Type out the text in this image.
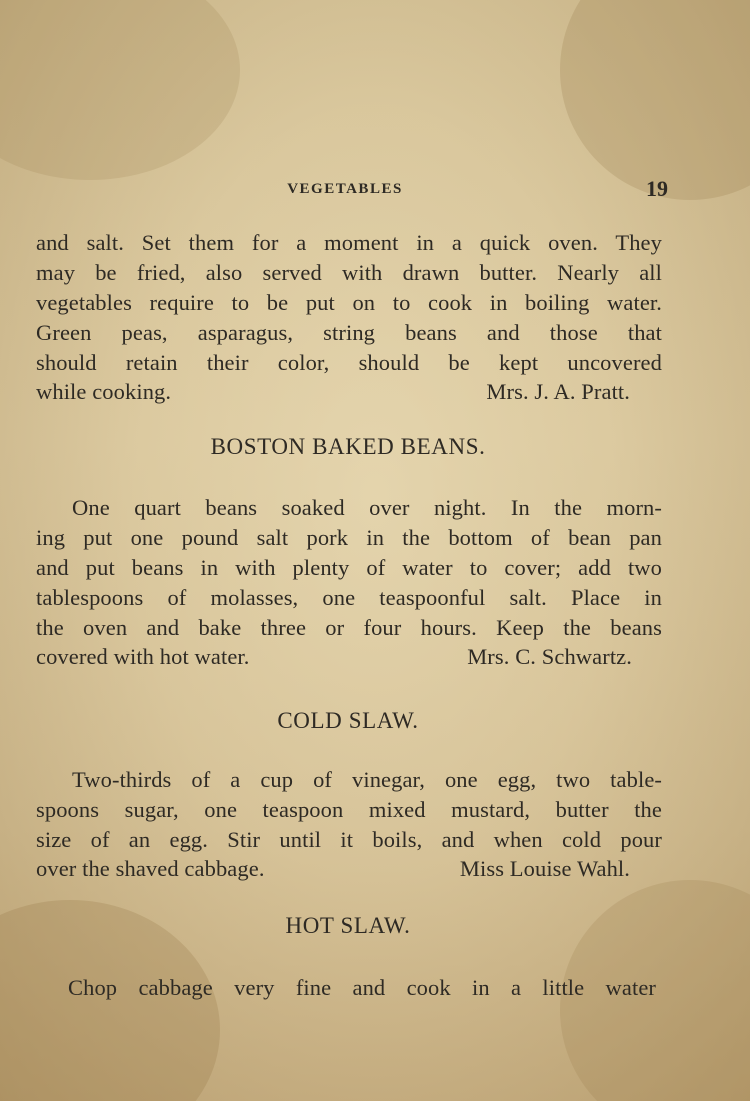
VEGETABLES	19
and salt. Set them for a moment in a quick oven. They
may be fried, also served with drawn butter. Nearly all
vegetables require to be put on to cook in boiling water.
Green peas, asparagus, string beans and those that
should retain their color, should be kept uncovered
while cooking.	Mrs. J. A. Pratt.
BOSTON BAKED BEANS.
One quart beans soaked over night. In the morn-
ing put one pound salt pork in the bottom of bean pan
and put beans in with plenty of water to cover; add two
tablespoons of molasses, one teaspoonful salt. Place in
the oven and bake three or four hours. Keep the beans
covered with hot water.	Mrs. C. Schwartz.
COLD SLAW.
Two-thirds of a cup of vinegar, one egg, two table-
spoons sugar, one teaspoon mixed mustard, butter the
size of an egg. Stir until it boils, and when cold pour
over the shaved cabbage.	Miss Louise Wahl.
HOT SLAW.
Chop cabbage very fine and cook in a little water
